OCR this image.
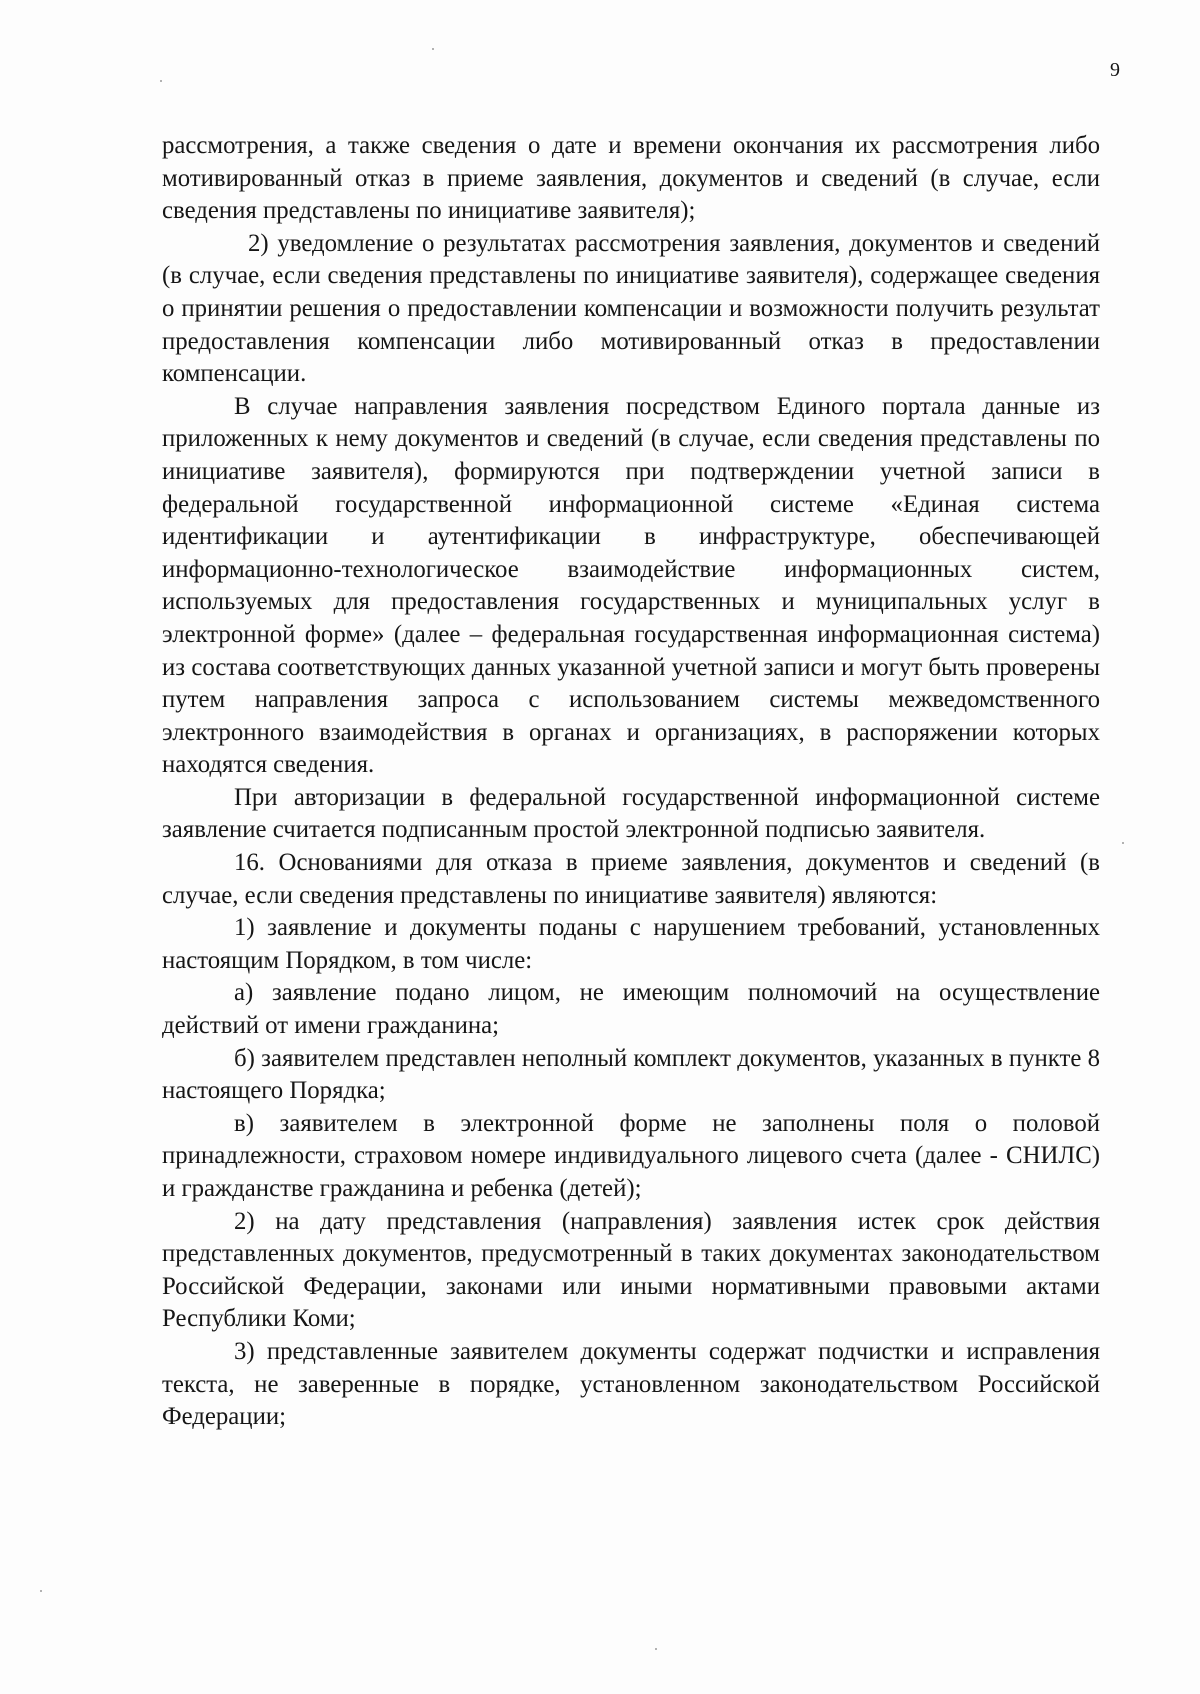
9

рассмотрения, а также сведения о дате и времени окончания их рассмотрения либо мотивированный отказ в приеме заявления, документов и сведений (в случае, если сведения представлены по инициативе заявителя);

2) уведомление о результатах рассмотрения заявления, документов и сведений (в случае, если сведения представлены по инициативе заявителя), содержащее сведения о принятии решения о предоставлении компенсации и возможности получить результат предоставления компенсации либо мотивированный отказ в предоставлении компенсации.

В случае направления заявления посредством Единого портала данные из приложенных к нему документов и сведений (в случае, если сведения представлены по инициативе заявителя), формируются при подтверждении учетной записи в федеральной государственной информационной системе «Единая система идентификации и аутентификации в инфраструктуре, обеспечивающей информационно-технологическое взаимодействие информационных систем, используемых для предоставления государственных и муниципальных услуг в электронной форме» (далее – федеральная государственная информационная система) из состава соответствующих данных указанной учетной записи и могут быть проверены путем направления запроса с использованием системы межведомственного электронного взаимодействия в органах и организациях, в распоряжении которых находятся сведения.

При авторизации в федеральной государственной информационной системе заявление считается подписанным простой электронной подписью заявителя.

16. Основаниями для отказа в приеме заявления, документов и сведений (в случае, если сведения представлены по инициативе заявителя) являются:

1) заявление и документы поданы с нарушением требований, установленных настоящим Порядком, в том числе:

а) заявление подано лицом, не имеющим полномочий на осуществление действий от имени гражданина;

б) заявителем представлен неполный комплект документов, указанных в пункте 8 настоящего Порядка;

в) заявителем в электронной форме не заполнены поля о половой принадлежности, страховом номере индивидуального лицевого счета (далее - СНИЛС) и гражданстве гражданина и ребенка (детей);

2) на дату представления (направления) заявления истек срок действия представленных документов, предусмотренный в таких документах законодательством Российской Федерации, законами или иными нормативными правовыми актами Республики Коми;

3) представленные заявителем документы содержат подчистки и исправления текста, не заверенные в порядке, установленном законодательством Российской Федерации;
